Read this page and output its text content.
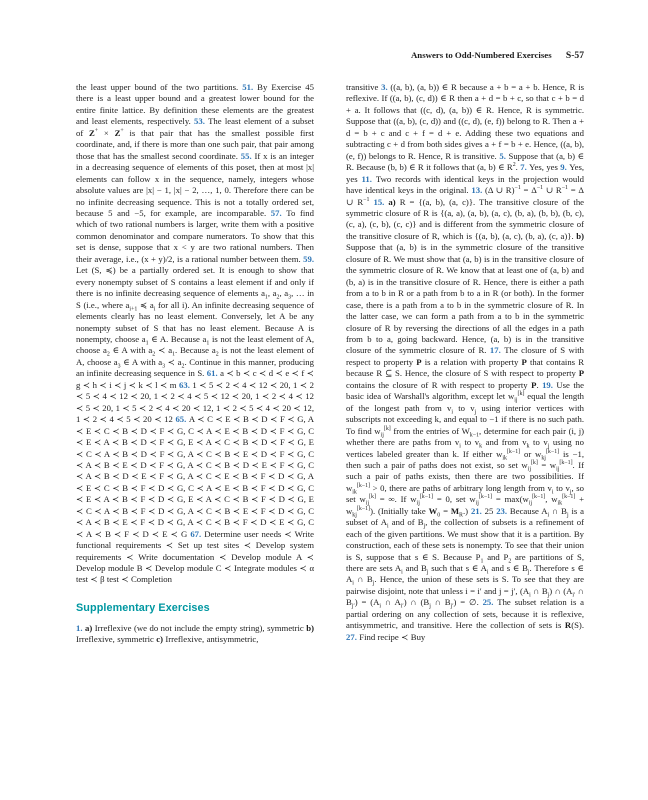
Answers to Odd-Numbered Exercises S-57

the least upper bound of the two partitions. 51. By Exercise 45 there is a least upper bound and a greatest lower bound for the entire finite lattice. By definition these elements are the greatest and least elements, respectively. 53. The least element of a subset of Z+ × Z+ is that pair that has the smallest possible first coordinate, and, if there is more than one such pair, that pair among those that has the smallest second coordinate. 55. If x is an integer in a decreasing sequence of elements of this poset, then at most |x| elements can follow x in the sequence, namely, integers whose absolute values are |x| − 1, |x| − 2, …, 1, 0. Therefore there can be no infinite decreasing sequence. This is not a totally ordered set, because 5 and −5, for example, are incomparable. 57. To find which of two rational numbers is larger, write them with a positive common denominator and compare numerators. To show that this set is dense, suppose that x < y are two rational numbers. Then their average, i.e., (x + y)/2, is a rational number between them. 59. Let (S, ≼) be a partially ordered set. It is enough to show that every nonempty subset of S contains a least element if and only if there is no infinite decreasing sequence of elements $a_1$, $a_2$, $a_3$, … in S (i.e., where $a_{i+1}$ ≼ $a_i$ for all i). An infinite decreasing sequence of elements clearly has no least element. Conversely, let A be any nonempty subset of S that has no least element. Because A is nonempty, choose $a_1$ ∈ A. Because $a_1$ is not the least element of A, choose $a_2$ ∈ A with $a_2$ ≺ $a_1$. Because $a_2$ is not the least element of A, choose $a_3$ ∈ A with $a_3$ ≺ $a_2$. Continue in this manner, producing an infinite decreasing sequence in S. 61. a ≺ b ≺ c ≺ d ≺ e ≺ f ≺ g ≺ h ≺ i ≺ j ≺ k ≺ l ≺ m 63. 1 ≺ 5 ≺ 2 ≺ 4 ≺ 12 ≺ 20, 1 ≺ 2 ≺ 5 ≺ 4 ≺ 12 ≺ 20, 1 ≺ 2 ≺ 4 ≺ 5 ≺ 12 ≺ 20, 1 ≺ 2 ≺ 4 ≺ 12 ≺ 5 ≺ 20, 1 ≺ 5 ≺ 2 ≺ 4 ≺ 20 ≺ 12, 1 ≺ 2 ≺ 5 ≺ 4 ≺ 20 ≺ 12, 1 ≺ 2 ≺ 4 ≺ 5 ≺ 20 ≺ 12 65. A ≺ C ≺ E ≺ B ≺ D ≺ F ≺ G, A ≺ E ≺ C ≺ B ≺ D ≺ F ≺ G, C ≺ A ≺ E ≺ B ≺ D ≺ F ≺ G, C ≺ E ≺ A ≺ B ≺ D ≺ F ≺ G, E ≺ A ≺ C ≺ B ≺ D ≺ F ≺ G, E ≺ C ≺ A ≺ B ≺ D ≺ F ≺ G, A ≺ C ≺ B ≺ E ≺ D ≺ F ≺ G, C ≺ A ≺ B ≺ E ≺ D ≺ F ≺ G, A ≺ C ≺ B ≺ D ≺ E ≺ F ≺ G, C ≺ A ≺ B ≺ D ≺ E ≺ F ≺ G, A ≺ C ≺ E ≺ B ≺ F ≺ D ≺ G, A ≺ E ≺ C ≺ B ≺ F ≺ D ≺ G, C ≺ A ≺ E ≺ B ≺ F ≺ D ≺ G, C ≺ E ≺ A ≺ B ≺ F ≺ D ≺ G, E ≺ A ≺ C ≺ B ≺ F ≺ D ≺ G, E ≺ C ≺ A ≺ B ≺ F ≺ D ≺ G, A ≺ C ≺ B ≺ E ≺ F ≺ D ≺ G, C ≺ A ≺ B ≺ E ≺ F ≺ D ≺ G, A ≺ C ≺ B ≺ F ≺ D ≺ E ≺ G, C ≺ A ≺ B ≺ F ≺ D ≺ E ≺ G 67. Determine user needs ≺ Write functional requirements ≺ Set up test sites ≺ Develop system requirements ≺ Write documentation ≺ Develop module A ≺ Develop module B ≺ Develop module C ≺ Integrate modules ≺ α test ≺ β test ≺ Completion

Supplementary Exercises

1. a) Irreflexive (we do not include the empty string), symmetric b) Irreflexive, symmetric c) Irreflexive, antisymmetric,

transitive 3. ((a, b), (a, b)) ∈ R because a + b = a + b. Hence, R is reflexive. If ((a, b), (c, d)) ∈ R then a + d = b + c, so that c + b = d + a. It follows that ((c, d), (a, b)) ∈ R. Hence, R is symmetric. Suppose that ((a, b), (c, d)) and ((c, d), (e, f)) belong to R. Then a + d = b + c and c + f = d + e. Adding these two equations and subtracting c + d from both sides gives a + f = b + e. Hence, ((a, b), (e, f)) belongs to R. Hence, R is transitive. 5. Suppose that (a, b) ∈ R. Because (b, b) ∈ R it follows that (a, b) ∈ $R^2$. 7. Yes, yes 9. Yes, yes 11. Two records with identical keys in the projection would have identical keys in the original. 13. (Δ ∪ $R)^{-1} = \Delta^{-1}$ ∪ $R^{-1} = \Delta$ ∪ $R^{-1}$ 15. a) R = {(a, b), (a, c)}. The transitive closure of the symmetric closure of R is {(a, a), (a, b), (a, c), (b, a), (b, b), (b, c), (c, a), (c, b), (c, c)} and is different from the symmetric closure of the transitive closure of R, which is {(a, b), (a, c), (b, a), (c, a)}. b) Suppose that (a, b) is in the symmetric closure of the transitive closure of R. We must show that (a, b) is in the transitive closure of the symmetric closure of R. We know that at least one of (a, b) and (b, a) is in the transitive closure of R. Hence, there is either a path from a to b in R or a path from b to a in R (or both). In the former case, there is a path from a to b in the symmetric closure of R. In the latter case, we can form a path from a to b in the symmetric closure of R by reversing the directions of all the edges in a path from b to a, going backward. Hence, (a, b) is in the transitive closure of the symmetric closure of R. 17. The closure of S with respect to property P is a relation with property P that contains R because R ⊆ S. Hence, the closure of S with respect to property P contains the closure of R with respect to property P. 19. Use the basic idea of Warshall's algorithm, except let $w_{ij}[k]$ equal the length of the longest path from $v_i$ to $v_j$ using interior vertices with subscripts not exceeding k, and equal to −1 if there is no such path. To find $w_{ij}[k]$ from the entries of $W_{k-1}$, determine for each pair (i, j) whether there are paths from $v_i$ to $v_k$ and from $v_k$ to $v_j$ using no vertices labeled greater than k. If either $w_{ik}[k-1]$ or $w_{kj}[k-1]$ is −1, then such a pair of paths does not exist, so set $w_{ij}[k] = w_{ij}[k-1]$. If such a pair of paths exists, then there are two possibilities. If $w_{ik}[k-1] > 0$, there are paths of arbitrary long length from $v_i$ to $v_j$, so set $w_{ij}[k]$ = ∞. If $w_{ij}[k-1] = 0$, set $w_{ij}[k-1] = \max(w_{ij}[k-1]$, $w_{ik}[k-1] + w_{kj}[k-1]$). (Initially take $W_0 = M_R$.) 21. 25 23. Because $A_i$ ∩ $B_j$ is a subset of $A_i$ and of $B_j$, the collection of subsets is a refinement of each of the given partitions. We must show that it is a partition. By construction, each of these sets is nonempty. To see that their union is S, suppose that s ∈ S. Because $P_1$ and $P_2$ are partitions of S, there are sets $A_i$ and $B_j$ such that s ∈ $A_i$ and s ∈ $B_j$. Therefore s ∈ $A_i$ ∩ $B_j$. Hence, the union of these sets is S. To see that they are pairwise disjoint, note that unless i = i′ and j = j′, ($A_i$ ∩ $B_j$) ∩ ($A_{i'}$ ∩ $B_{j'}) = (A_i$ ∩ $A_{i'}$) ∩ ($B_j$ ∩ $B_{j'}$) = ∅. 25. The subset relation is a partial ordering on any collection of sets, because it is reflexive, antisymmetric, and transitive. Here the collection of sets is R(S). 27. Find recipe ≺ Buy
